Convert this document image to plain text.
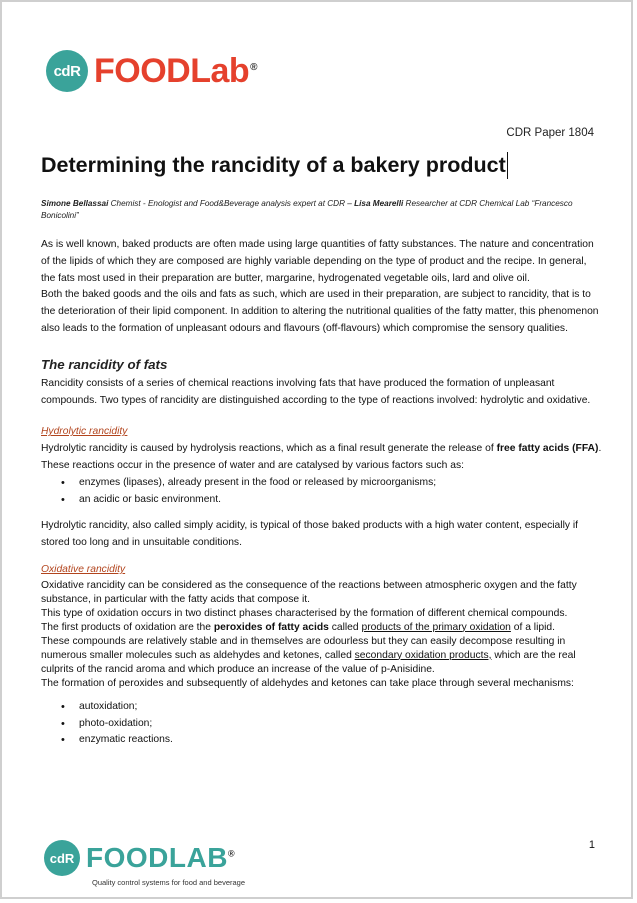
cdR FOODLab®
CDR Paper 1804
Determining the rancidity of a bakery product
Simone Bellassai Chemist - Enologist and Food&Beverage analysis expert at CDR – Lisa Mearelli Researcher at CDR Chemical Lab “Francesco Bonicolini”

As is well known, baked products are often made using large quantities of fatty substances. The nature and concentration of the lipids of which they are composed are highly variable depending on the type of product and the recipe. In general, the fats most used in their preparation are butter, margarine, hydrogenated vegetable oils, lard and olive oil.

Both the baked goods and the oils and fats as such, which are used in their preparation, are subject to rancidity, that is to the deterioration of their lipid component. In addition to altering the nutritional qualities of the fatty matter, this phenomenon also leads to the formation of unpleasant odours and flavours (off-flavours) which compromise the sensory qualities.

The rancidity of fats

Rancidity consists of a series of chemical reactions involving fats that have produced the formation of unpleasant compounds. Two types of rancidity are distinguished according to the type of reactions involved: hydrolytic and oxidative.

Hydrolytic rancidity

Hydrolytic rancidity is caused by hydrolysis reactions, which as a final result generate the release of free fatty acids (FFA). These reactions occur in the presence of water and are catalysed by various factors such as:

• enzymes (lipases), already present in the food or released by microorganisms;
• an acidic or basic environment.

Hydrolytic rancidity, also called simply acidity, is typical of those baked products with a high water content, especially if stored too long and in unsuitable conditions.

Oxidative rancidity

Oxidative rancidity can be considered as the consequence of the reactions between atmospheric oxygen and the fatty substance, in particular with the fatty acids that compose it.

This type of oxidation occurs in two distinct phases characterised by the formation of different chemical compounds.

The first products of oxidation are the peroxides of fatty acids called products of the primary oxidation of a lipid.

These compounds are relatively stable and in themselves are odourless but they can easily decompose resulting in numerous smaller molecules such as aldehydes and ketones, called secondary oxidation products, which are the real culprits of the rancid aroma and which produce an increase of the value of p-Anisidine.

The formation of peroxides and subsequently of aldehydes and ketones can take place through several mechanisms:

• autoxidation;
• photo-oxidation;
• enzymatic reactions.
1
cdR FOODLAB®
Quality control systems for food and beverage
